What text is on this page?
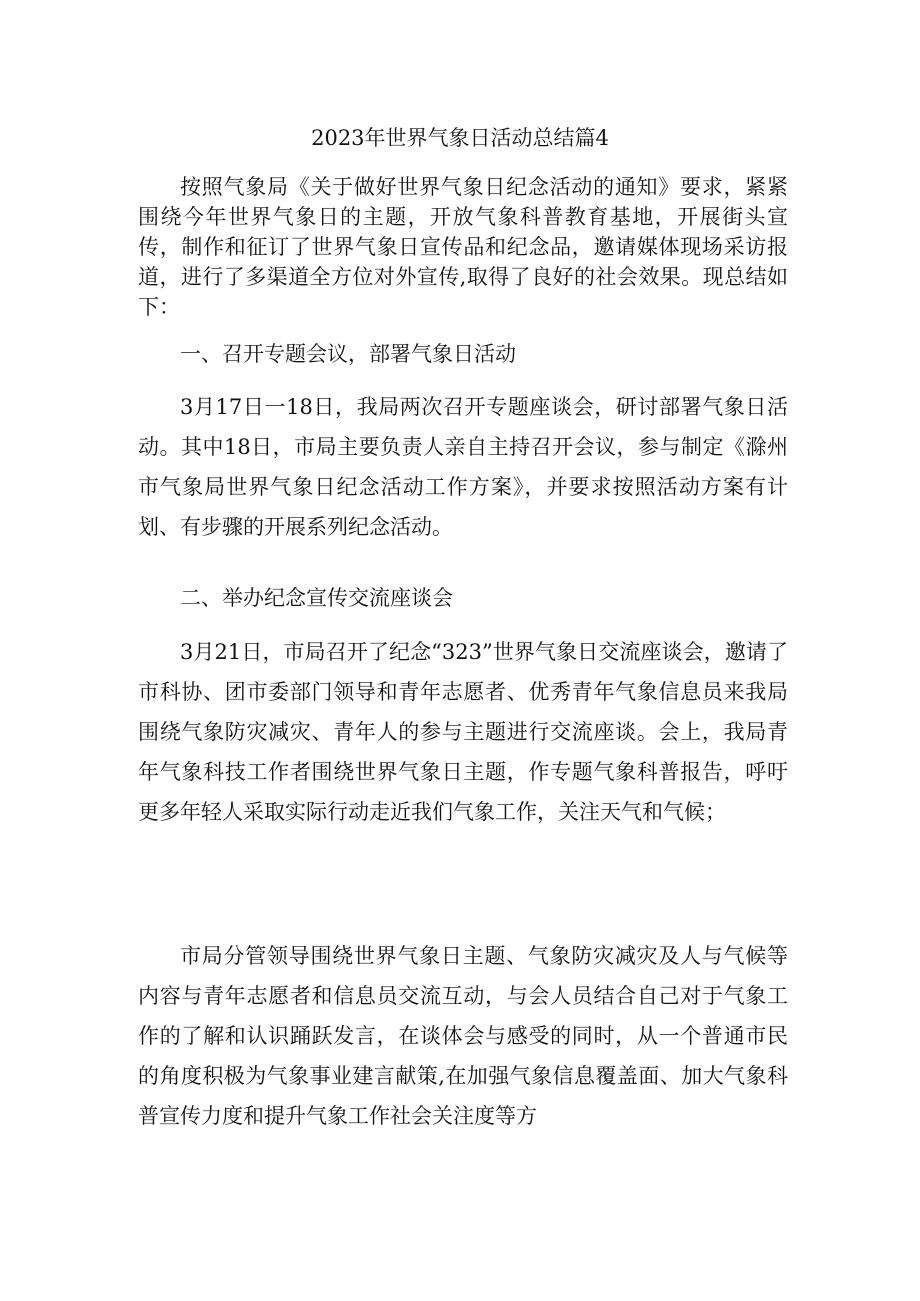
2023年世界气象日活动总结篇4

按照气象局《关于做好世界气象日纪念活动的通知》要求，紧紧围绕今年世界气象日的主题，开放气象科普教育基地，开展街头宣传，制作和征订了世界气象日宣传品和纪念品，邀请媒体现场采访报道，进行了多渠道全方位对外宣传,取得了良好的社会效果。现总结如下：

一、召开专题会议，部署气象日活动

3月17日一18日，我局两次召开专题座谈会，研讨部署气象日活动。其中18日，市局主要负责人亲自主持召开会议，参与制定《滁州市气象局世界气象日纪念活动工作方案》，并要求按照活动方案有计划、有步骤的开展系列纪念活动。

二、举办纪念宣传交流座谈会

3月21日，市局召开了纪念“323”世界气象日交流座谈会，邀请了市科协、团市委部门领导和青年志愿者、优秀青年气象信息员来我局围绕气象防灾减灾、青年人的参与主题进行交流座谈。会上，我局青年气象科技工作者围绕世界气象日主题，作专题气象科普报告，呼吁更多年轻人采取实际行动走近我们气象工作，关注天气和气候；

市局分管领导围绕世界气象日主题、气象防灾减灾及人与气候等内容与青年志愿者和信息员交流互动，与会人员结合自己对于气象工作的了解和认识踊跃发言，在谈体会与感受的同时，从一个普通市民的角度积极为气象事业建言献策,在加强气象信息覆盖面、加大气象科普宣传力度和提升气象工作社会关注度等方
